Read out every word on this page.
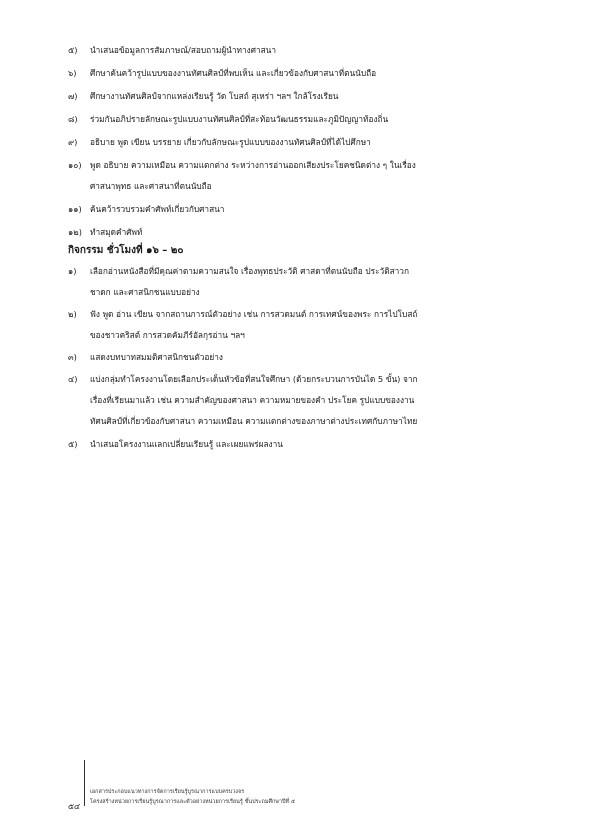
๕)	นำเสนอข้อมูลการสัมภาษณ์/สอบถามผู้นำทางศาสนา
๖)	ศึกษาค้นคว้ารูปแบบของงานทัศนศิลป์ที่พบเห็น และเกี่ยวข้องกับศาสนาที่ตนนับถือ
๗)	ศึกษางานทัศนศิลป์จากแหล่งเรียนรู้ วัด โบสถ์ สุเหร่า ฯลฯ ใกล้โรงเรียน
๘)	ร่วมกันอภิปรายลักษณะรูปแบบงานทัศนศิลป์ที่สะท้อนวัฒนธรรมและภูมิปัญญาท้องถิ่น
๙)	อธิบาย พูด เขียน บรรยาย เกี่ยวกับลักษณะรูปแบบของงานทัศนศิลป์ที่ได้ไปศึกษา
๑๐)	พูด อธิบาย ความเหมือน ความแตกต่าง ระหว่างการอ่านออกเสียงประโยคชนิดต่าง ๆ ในเรื่อง
ศาสนาพุทธ และศาสนาที่ตนนับถือ
๑๑) ค้นคว้ารวบรวมคำศัพท์เกี่ยวกับศาสนา
๑๒) ทำสมุดคำศัพท์
กิจกรรม ชั่วโมงที่ ๑๖ – ๒๐
๑)	เลือกอ่านหนังสือที่มีคุณค่าตามความสนใจ เรื่องพุทธประวัติ ศาสดาที่ตนนับถือ ประวัติสาวก
ชาดก และศาสนิกชนแบบอย่าง
๒)	ฟัง พูด อ่าน เขียน จากสถานการณ์ตัวอย่าง เช่น การสวดมนต์ การเทศน์ของพระ การไปโบสถ์
ของชาวคริสต์ การสวดคัมภีร์อัลกุรอ่าน ฯลฯ
๓)	แสดงบทบาทสมมติศาสนิกชนตัวอย่าง
๔)	แบ่งกลุ่มทำโครงงานโดยเลือกประเด็นหัวข้อที่สนใจศึกษา (ด้วยกระบวนการบันได 5 ขั้น) จาก
เรื่องที่เรียนมาแล้ว เช่น ความสำคัญของศาสนา ความหมายของคำ ประโยค รูปแบบของงาน
ทัศนศิลป์ที่เกี่ยวข้องกับศาสนา ความเหมือน ความแตกต่างของภาษาต่างประเทศกับภาษาไทย
๕)	นำเสนอโครงงานแลกเปลี่ยนเรียนรู้ และเผยแพร่ผลงาน
๕๔
เอกสารประกอบแนวทางการจัดการเรียนรู้บูรณาการแบบครบวงจร
โครงสร้างหน่วยการเรียนรู้บูรณาการและตัวอย่างหน่วยการเรียนรู้ ชั้นประถมศึกษาปีที่ ๕
